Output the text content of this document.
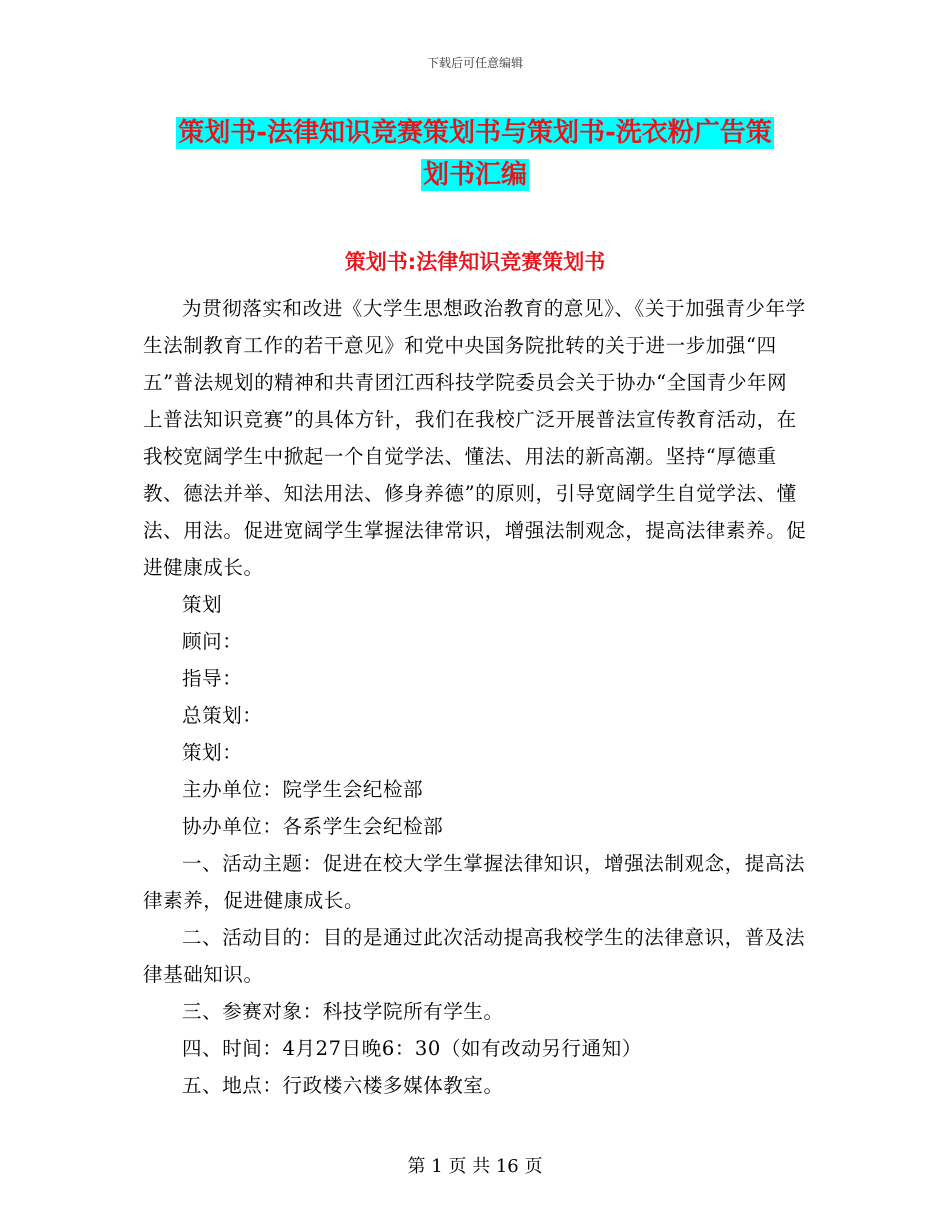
下载后可任意编辑
策划书-法律知识竞赛策划书与策划书-洗衣粉广告策
划书汇编
策划书:法律知识竞赛策划书

为贯彻落实和改进《大学生思想政治教育的意见》、《关于加强青少年学生法制教育工作的若干意见》和党中央国务院批转的关于进一步加强“四五”普法规划的精神和共青团江西科技学院委员会关于协办“全国青少年网上普法知识竞赛”的具体方针，我们在我校广泛开展普法宣传教育活动，在我校宽阔学生中掀起一个自觉学法、懂法、用法的新高潮。坚持“厚德重教、德法并举、知法用法、修身养德”的原则，引导宽阔学生自觉学法、懂法、用法。促进宽阔学生掌握法律常识，增强法制观念，提高法律素养。促进健康成长。

策划

顾问：

指导：

总策划：

策划：

主办单位：院学生会纪检部

协办单位：各系学生会纪检部

一、活动主题：促进在校大学生掌握法律知识，增强法制观念，提高法律素养，促进健康成长。

二、活动目的：目的是通过此次活动提高我校学生的法律意识，普及法律基础知识。

三、参赛对象：科技学院所有学生。

四、时间：4月27日晚6：30（如有改动另行通知）

五、地点：行政楼六楼多媒体教室。

第 1 页 共 16 页
